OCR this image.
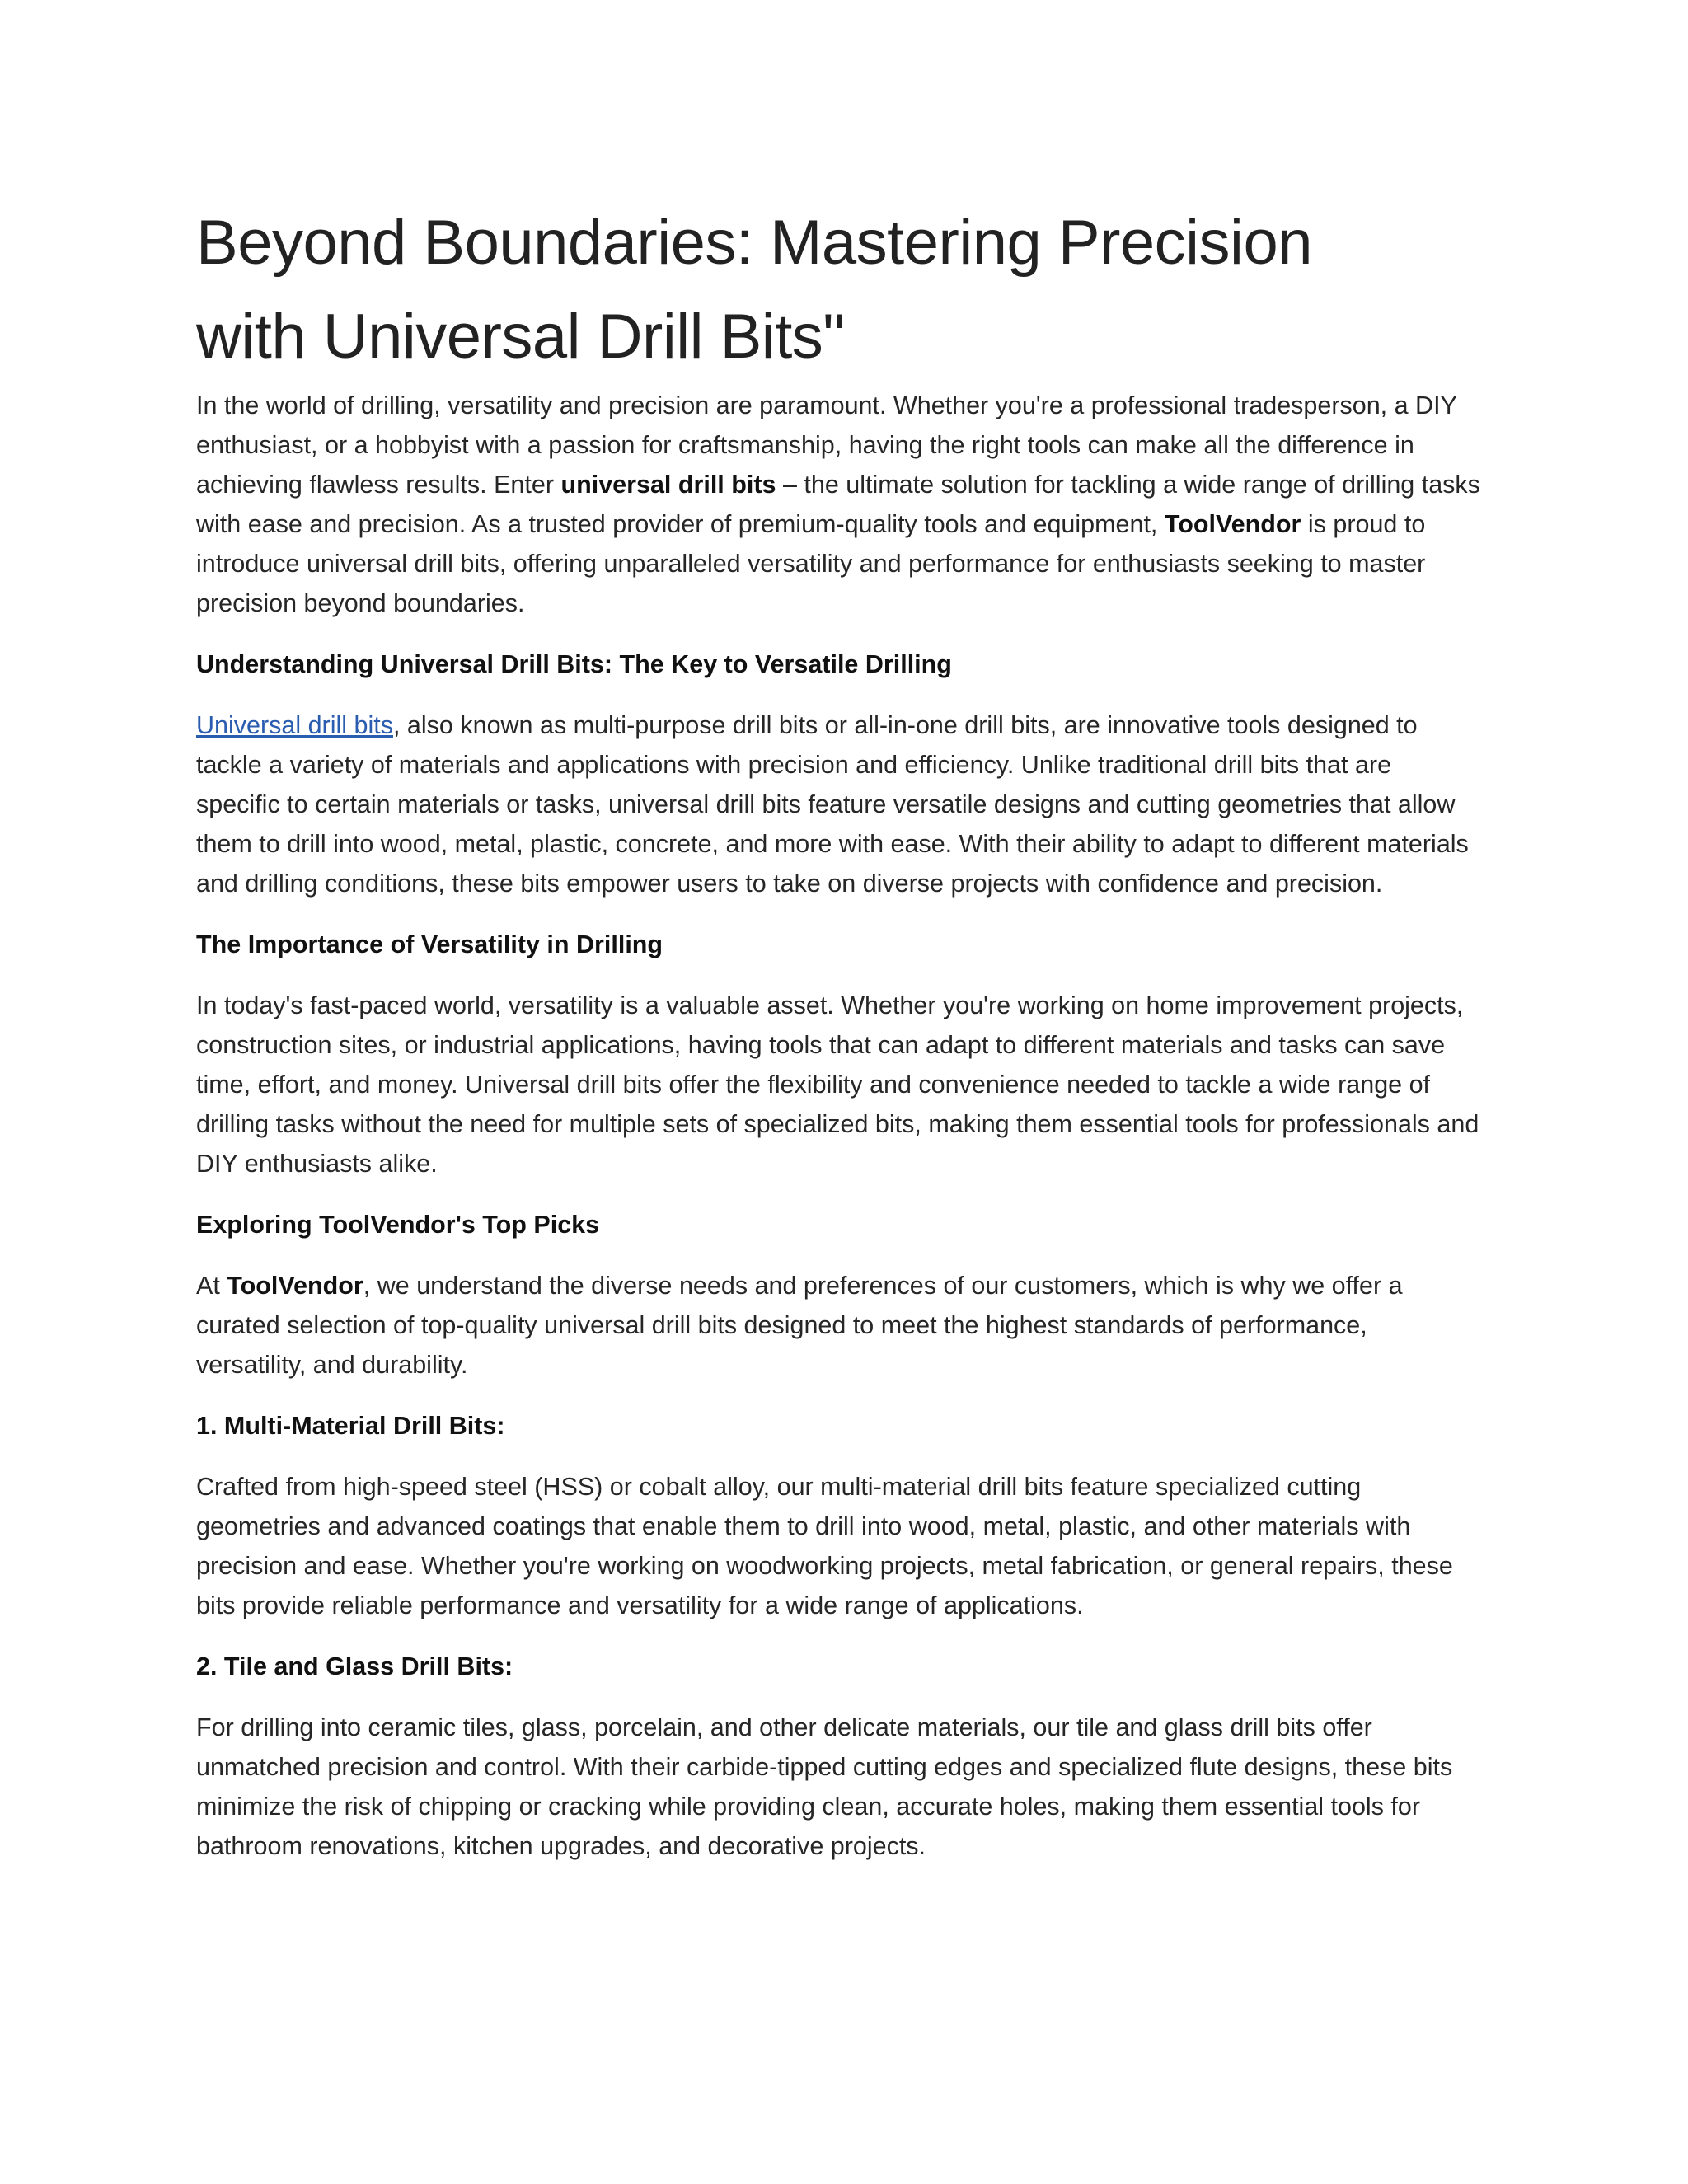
Beyond Boundaries: Mastering Precision
with Universal Drill Bits"

In the world of drilling, versatility and precision are paramount. Whether you're a professional tradesperson, a DIY enthusiast, or a hobbyist with a passion for craftsmanship, having the right tools can make all the difference in achieving flawless results. Enter universal drill bits – the ultimate solution for tackling a wide range of drilling tasks with ease and precision. As a trusted provider of premium-quality tools and equipment, ToolVendor is proud to introduce universal drill bits, offering unparalleled versatility and performance for enthusiasts seeking to master precision beyond boundaries.

Understanding Universal Drill Bits: The Key to Versatile Drilling

Universal drill bits, also known as multi-purpose drill bits or all-in-one drill bits, are innovative tools designed to tackle a variety of materials and applications with precision and efficiency. Unlike traditional drill bits that are specific to certain materials or tasks, universal drill bits feature versatile designs and cutting geometries that allow them to drill into wood, metal, plastic, concrete, and more with ease. With their ability to adapt to different materials and drilling conditions, these bits empower users to take on diverse projects with confidence and precision.

The Importance of Versatility in Drilling

In today's fast-paced world, versatility is a valuable asset. Whether you're working on home improvement projects, construction sites, or industrial applications, having tools that can adapt to different materials and tasks can save time, effort, and money. Universal drill bits offer the flexibility and convenience needed to tackle a wide range of drilling tasks without the need for multiple sets of specialized bits, making them essential tools for professionals and DIY enthusiasts alike.

Exploring ToolVendor's Top Picks

At ToolVendor, we understand the diverse needs and preferences of our customers, which is why we offer a curated selection of top-quality universal drill bits designed to meet the highest standards of performance, versatility, and durability.

1. Multi-Material Drill Bits:

Crafted from high-speed steel (HSS) or cobalt alloy, our multi-material drill bits feature specialized cutting geometries and advanced coatings that enable them to drill into wood, metal, plastic, and other materials with precision and ease. Whether you're working on woodworking projects, metal fabrication, or general repairs, these bits provide reliable performance and versatility for a wide range of applications.

2. Tile and Glass Drill Bits:

For drilling into ceramic tiles, glass, porcelain, and other delicate materials, our tile and glass drill bits offer unmatched precision and control. With their carbide-tipped cutting edges and specialized flute designs, these bits minimize the risk of chipping or cracking while providing clean, accurate holes, making them essential tools for bathroom renovations, kitchen upgrades, and decorative projects.
